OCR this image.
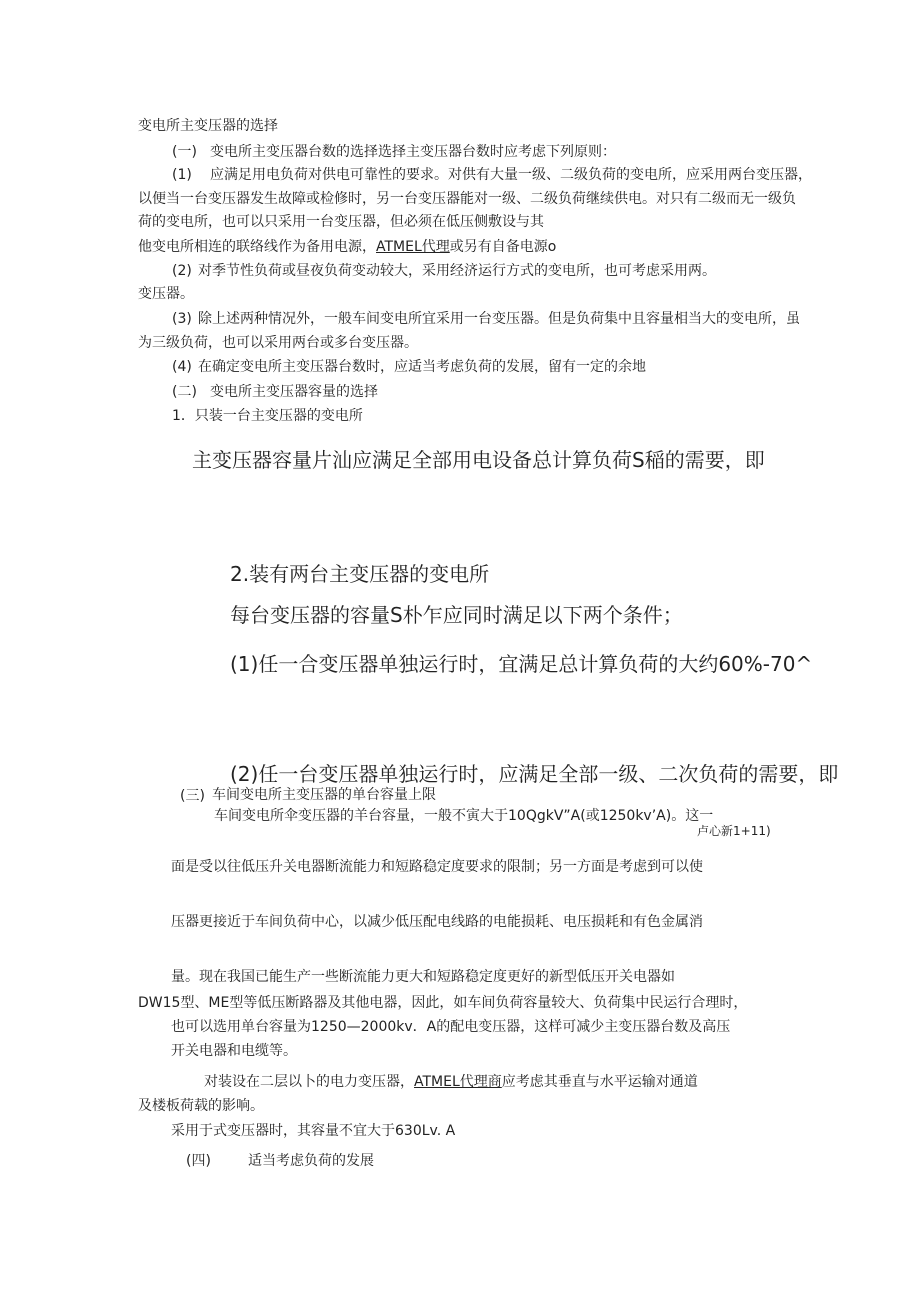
变电所主变压器的选择
(一) 变电所主变压器台数的选择选择主变压器台数时应考虑下列原则：
(1) 应满足用电负荷对供电可靠性的要求。对供有大量一级、二级负荷的变电所，应采用两台变压器，
以便当一台变压器发生故障或检修时，另一台变压器能对一级、二级负荷继续供电。对只有二级而无一级负
荷的变电所，也可以只采用一台变压器，但必须在低压侧敷设与其
他变电所相连的联络线作为备用电源，ATMEL代理或另有自备电源o
(2) 对季节性负荷或昼夜负荷变动较大，采用经济运行方式的变电所，也可考虑采用两。
变压器。
(3) 除上述两种情况外，一般车间变电所宜采用一台变压器。但是负荷集中且容量相当大的变电所，虽
为三级负荷，也可以采用两台或多台变压器。
(4) 在确定变电所主变压器台数时，应适当考虑负荷的发展，留有一定的余地
(二) 变电所主变压器容量的选择
1．只装一台主变压器的变电所
主变压器容量片汕应满足全部用电设备总计算负荷S稲的需要，即
2.装有两台主变压器的变电所
每台变压器的容量S朴乍应同时满足以下两个条件；
(1)任一合变压器单独运行时，宜满足总计算负荷的大约60%-70^
(2)任一台变压器单独运行时，应满足全部一级、二次负荷的需要，即
(三) 车间变电所主变压器的单台容量上限
车间变电所伞变压器的羊台容量，一般不寅大于10QgkV”A(或1250kv’A)。这一
卢心新1+11)
面是受以往低压升关电器断流能力和短路稳定度要求的限制；另一方面是考虑到可以使
压器更接近于车间负荷中心，以减少低压配电线路的电能损耗、电压损耗和有色金属消
量。现在我国已能生产一些断流能力更大和短路稳定度更好的新型低压开关电器如
DW15型、ME型等低压断路器及其他电器，因此，如车间负荷容量较大、负荷集中民运行合理时，
也可以选用单台容量为1250—2000kv．A的配电变压器，这样可减少主变压器台数及高压
开关电器和电缆等。
对装设在二层以卜的电力变压器，ATMEL代理商应考虑其垂直与水平运输对通道
及楼板荷载的影响。
采用于式变压器时，其容量不宜大于630Lv. A
(四)	适当考虑负荷的发展
